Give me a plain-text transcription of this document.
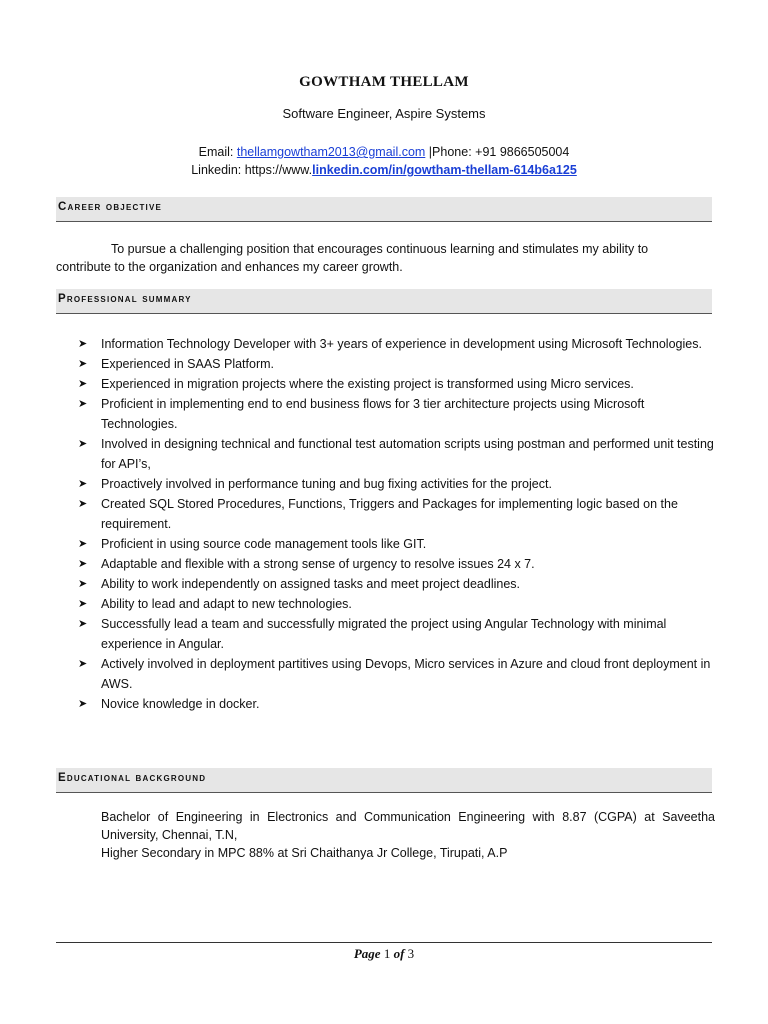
GOWTHAM THELLAM
Software Engineer, Aspire Systems
Email: thellamgowtham2013@gmail.com |Phone: +91 9866505004
Linkedin: https://www.linkedin.com/in/gowtham-thellam-614b6a125
Career objective
To pursue a challenging position that encourages continuous learning and stimulates my ability to
contribute to the organization and enhances my career growth.
Professional summary
➤ Information Technology Developer with 3+ years of experience in development using Microsoft Technologies.
➤ Experienced in SAAS Platform.
➤ Experienced in migration projects where the existing project is transformed using Micro services.
➤ Proficient in implementing end to end business flows for 3 tier architecture projects using Microsoft Technologies.
➤ Involved in designing technical and functional test automation scripts using postman and performed unit testing for API’s,
➤ Proactively involved in performance tuning and bug fixing activities for the project.
➤ Created SQL Stored Procedures, Functions, Triggers and Packages for implementing logic based on the requirement.
➤ Proficient in using source code management tools like GIT.
➤ Adaptable and flexible with a strong sense of urgency to resolve issues 24 x 7.
➤ Ability to work independently on assigned tasks and meet project deadlines.
➤ Ability to lead and adapt to new technologies.
➤ Successfully lead a team and successfully migrated the project using Angular Technology with minimal experience in Angular.
➤ Actively involved in deployment partitives using Devops, Micro services in Azure and cloud front deployment in AWS.
➤ Novice knowledge in docker.
Educational background
Bachelor of Engineering in Electronics and Communication Engineering with 8.87 (CGPA) at Saveetha University, Chennai, T.N,
Higher Secondary in MPC 88% at Sri Chaithanya Jr College, Tirupati, A.P
Page 1 of 3
